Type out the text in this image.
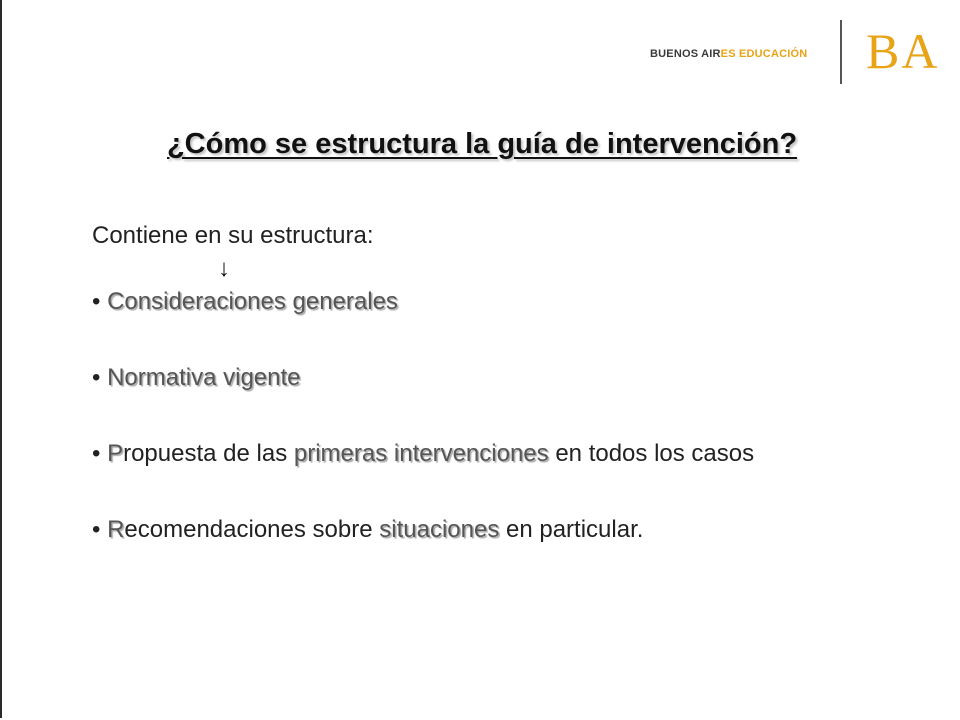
BUENOS AIRES EDUCACIÓN BA
¿Cómo se estructura la guía de intervención?

Contiene en su estructura:

↓

• Consideraciones generales

• Normativa vigente

• Propuesta de las primeras intervenciones en todos los casos

• Recomendaciones sobre situaciones en particular.
